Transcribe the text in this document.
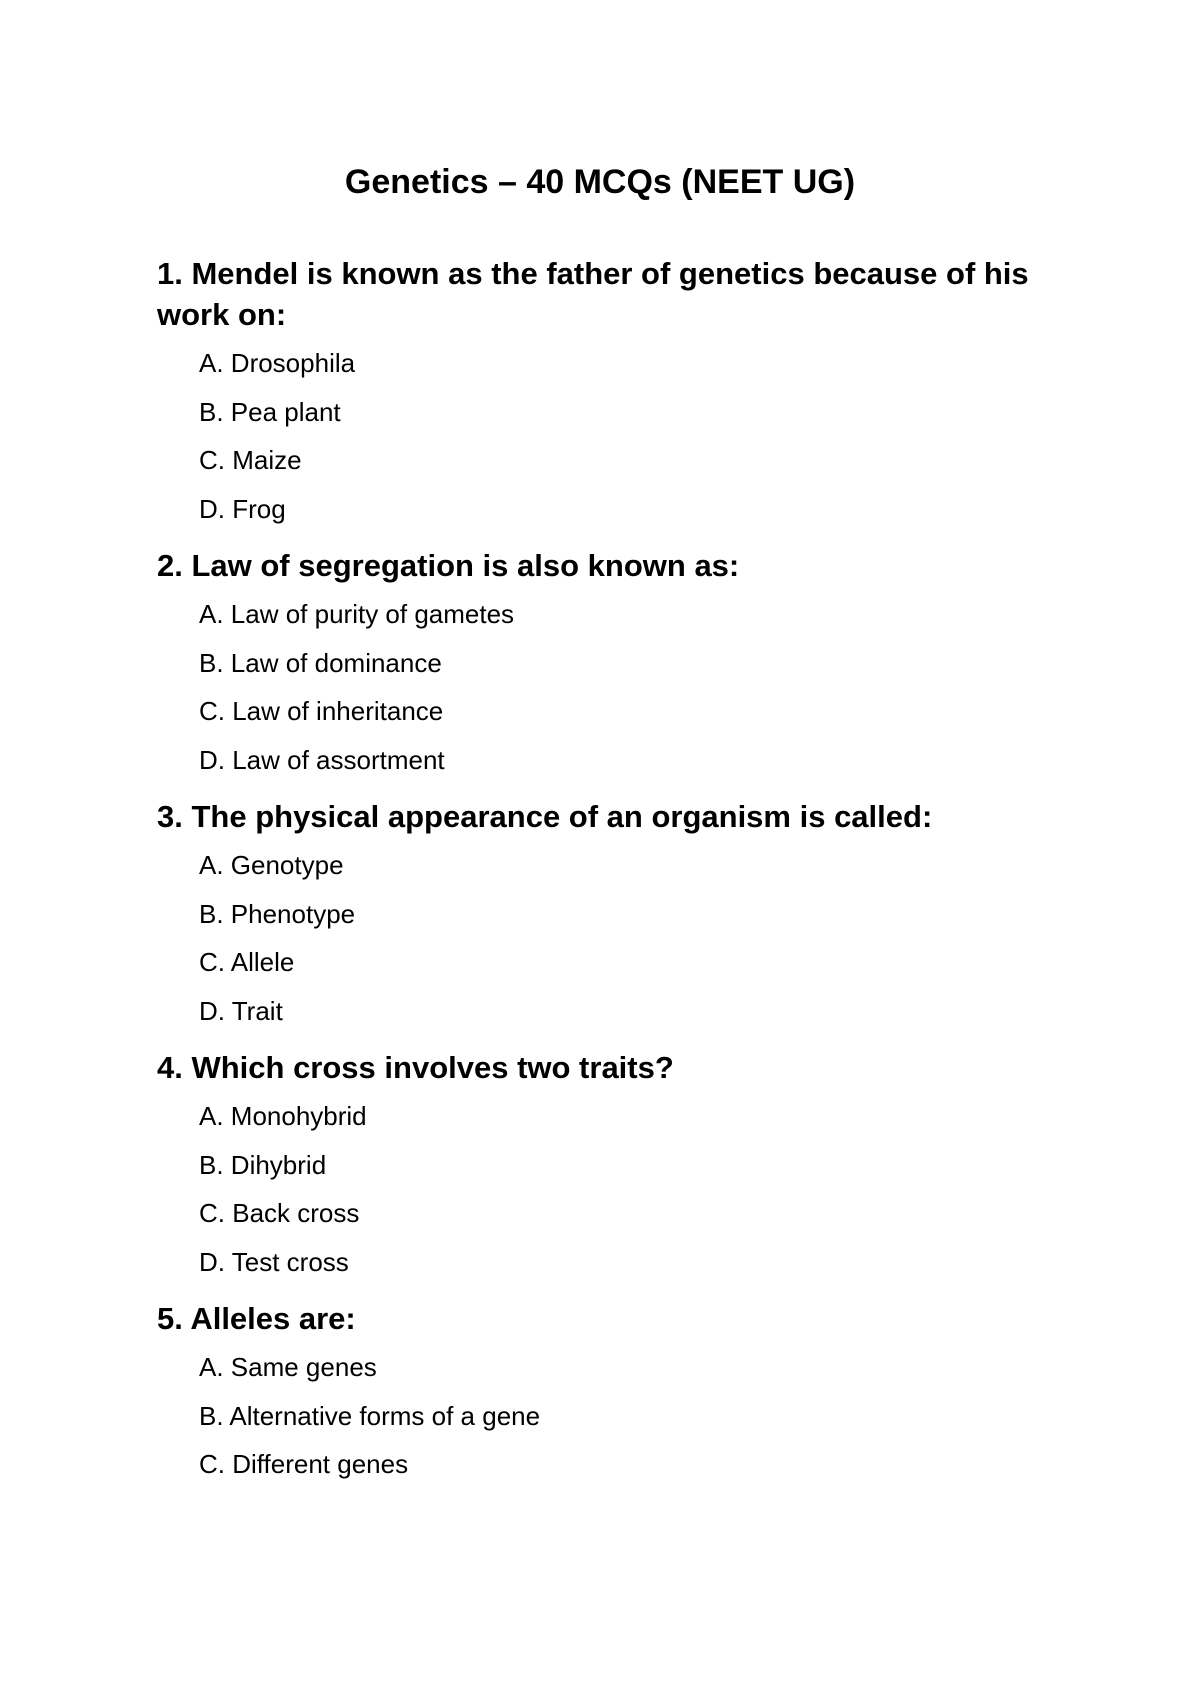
Genetics – 40 MCQs (NEET UG)

1. Mendel is known as the father of genetics because of his work on:

A. Drosophila
B. Pea plant
C. Maize
D. Frog

2. Law of segregation is also known as:

A. Law of purity of gametes
B. Law of dominance
C. Law of inheritance
D. Law of assortment

3. The physical appearance of an organism is called:

A. Genotype
B. Phenotype
C. Allele
D. Trait

4. Which cross involves two traits?

A. Monohybrid
B. Dihybrid
C. Back cross
D. Test cross

5. Alleles are:

A. Same genes
B. Alternative forms of a gene
C. Different genes
